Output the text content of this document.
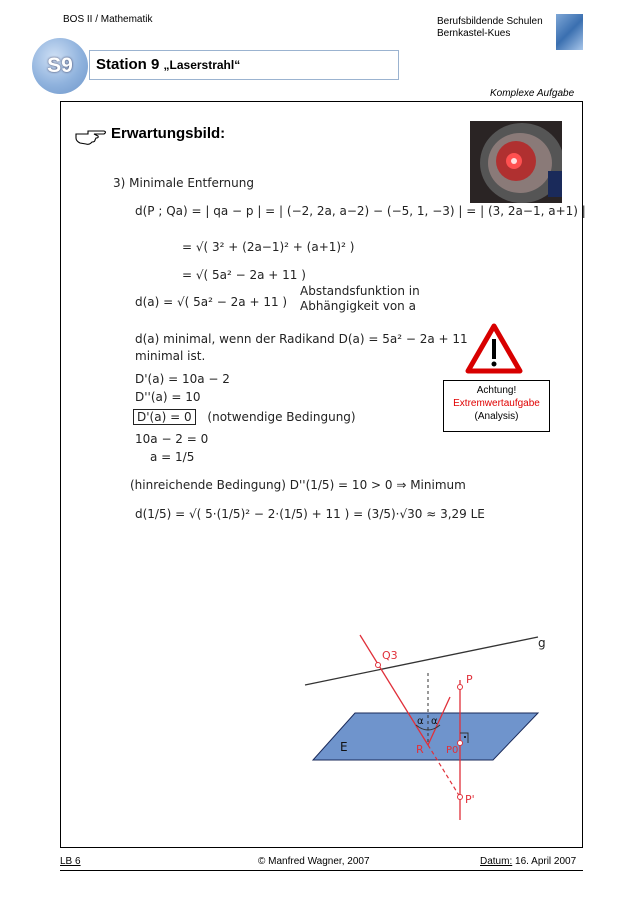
BOS II / Mathematik	Berufsbildende Schulen
Bernkastel-Kues
S9	Station 9 „Laserstrahl“
Komplexe Aufgabe
Erwartungsbild:
3) Minimale Entfernung
d(P ; Qa) = | qa − p | = | (−2, 2a, a−2) − (−5, 1, −3) | = | (3, 2a−1, a+1) |
= √( 3² + (2a−1)² + (a+1)² )
= √( 5a² − 2a + 11 )
d(a) = √( 5a² − 2a + 11 )
Abstandsfunktion in
Abhängigkeit von a
d(a) minimal, wenn der Radikand D(a) = 5a² − 2a + 11
minimal ist.
D'(a) = 10a − 2
D''(a) = 10
D'(a) = 0 (notwendige Bedingung)
10a − 2 = 0
a = 1/5
(hinreichende Bedingung) D''(1/5) = 10 > 0 ⇒ Minimum
d(1/5) = √( 5·(1/5)² − 2·(1/5) + 11 ) = (3/5)·√30 ≈ 3,29 LE
Achtung!
Extremwertaufgabe
(Analysis)
g
Q3
P
E	R P0
P'
α α
LB 6	© Manfred Wagner, 2007	Datum: 16. April 2007
